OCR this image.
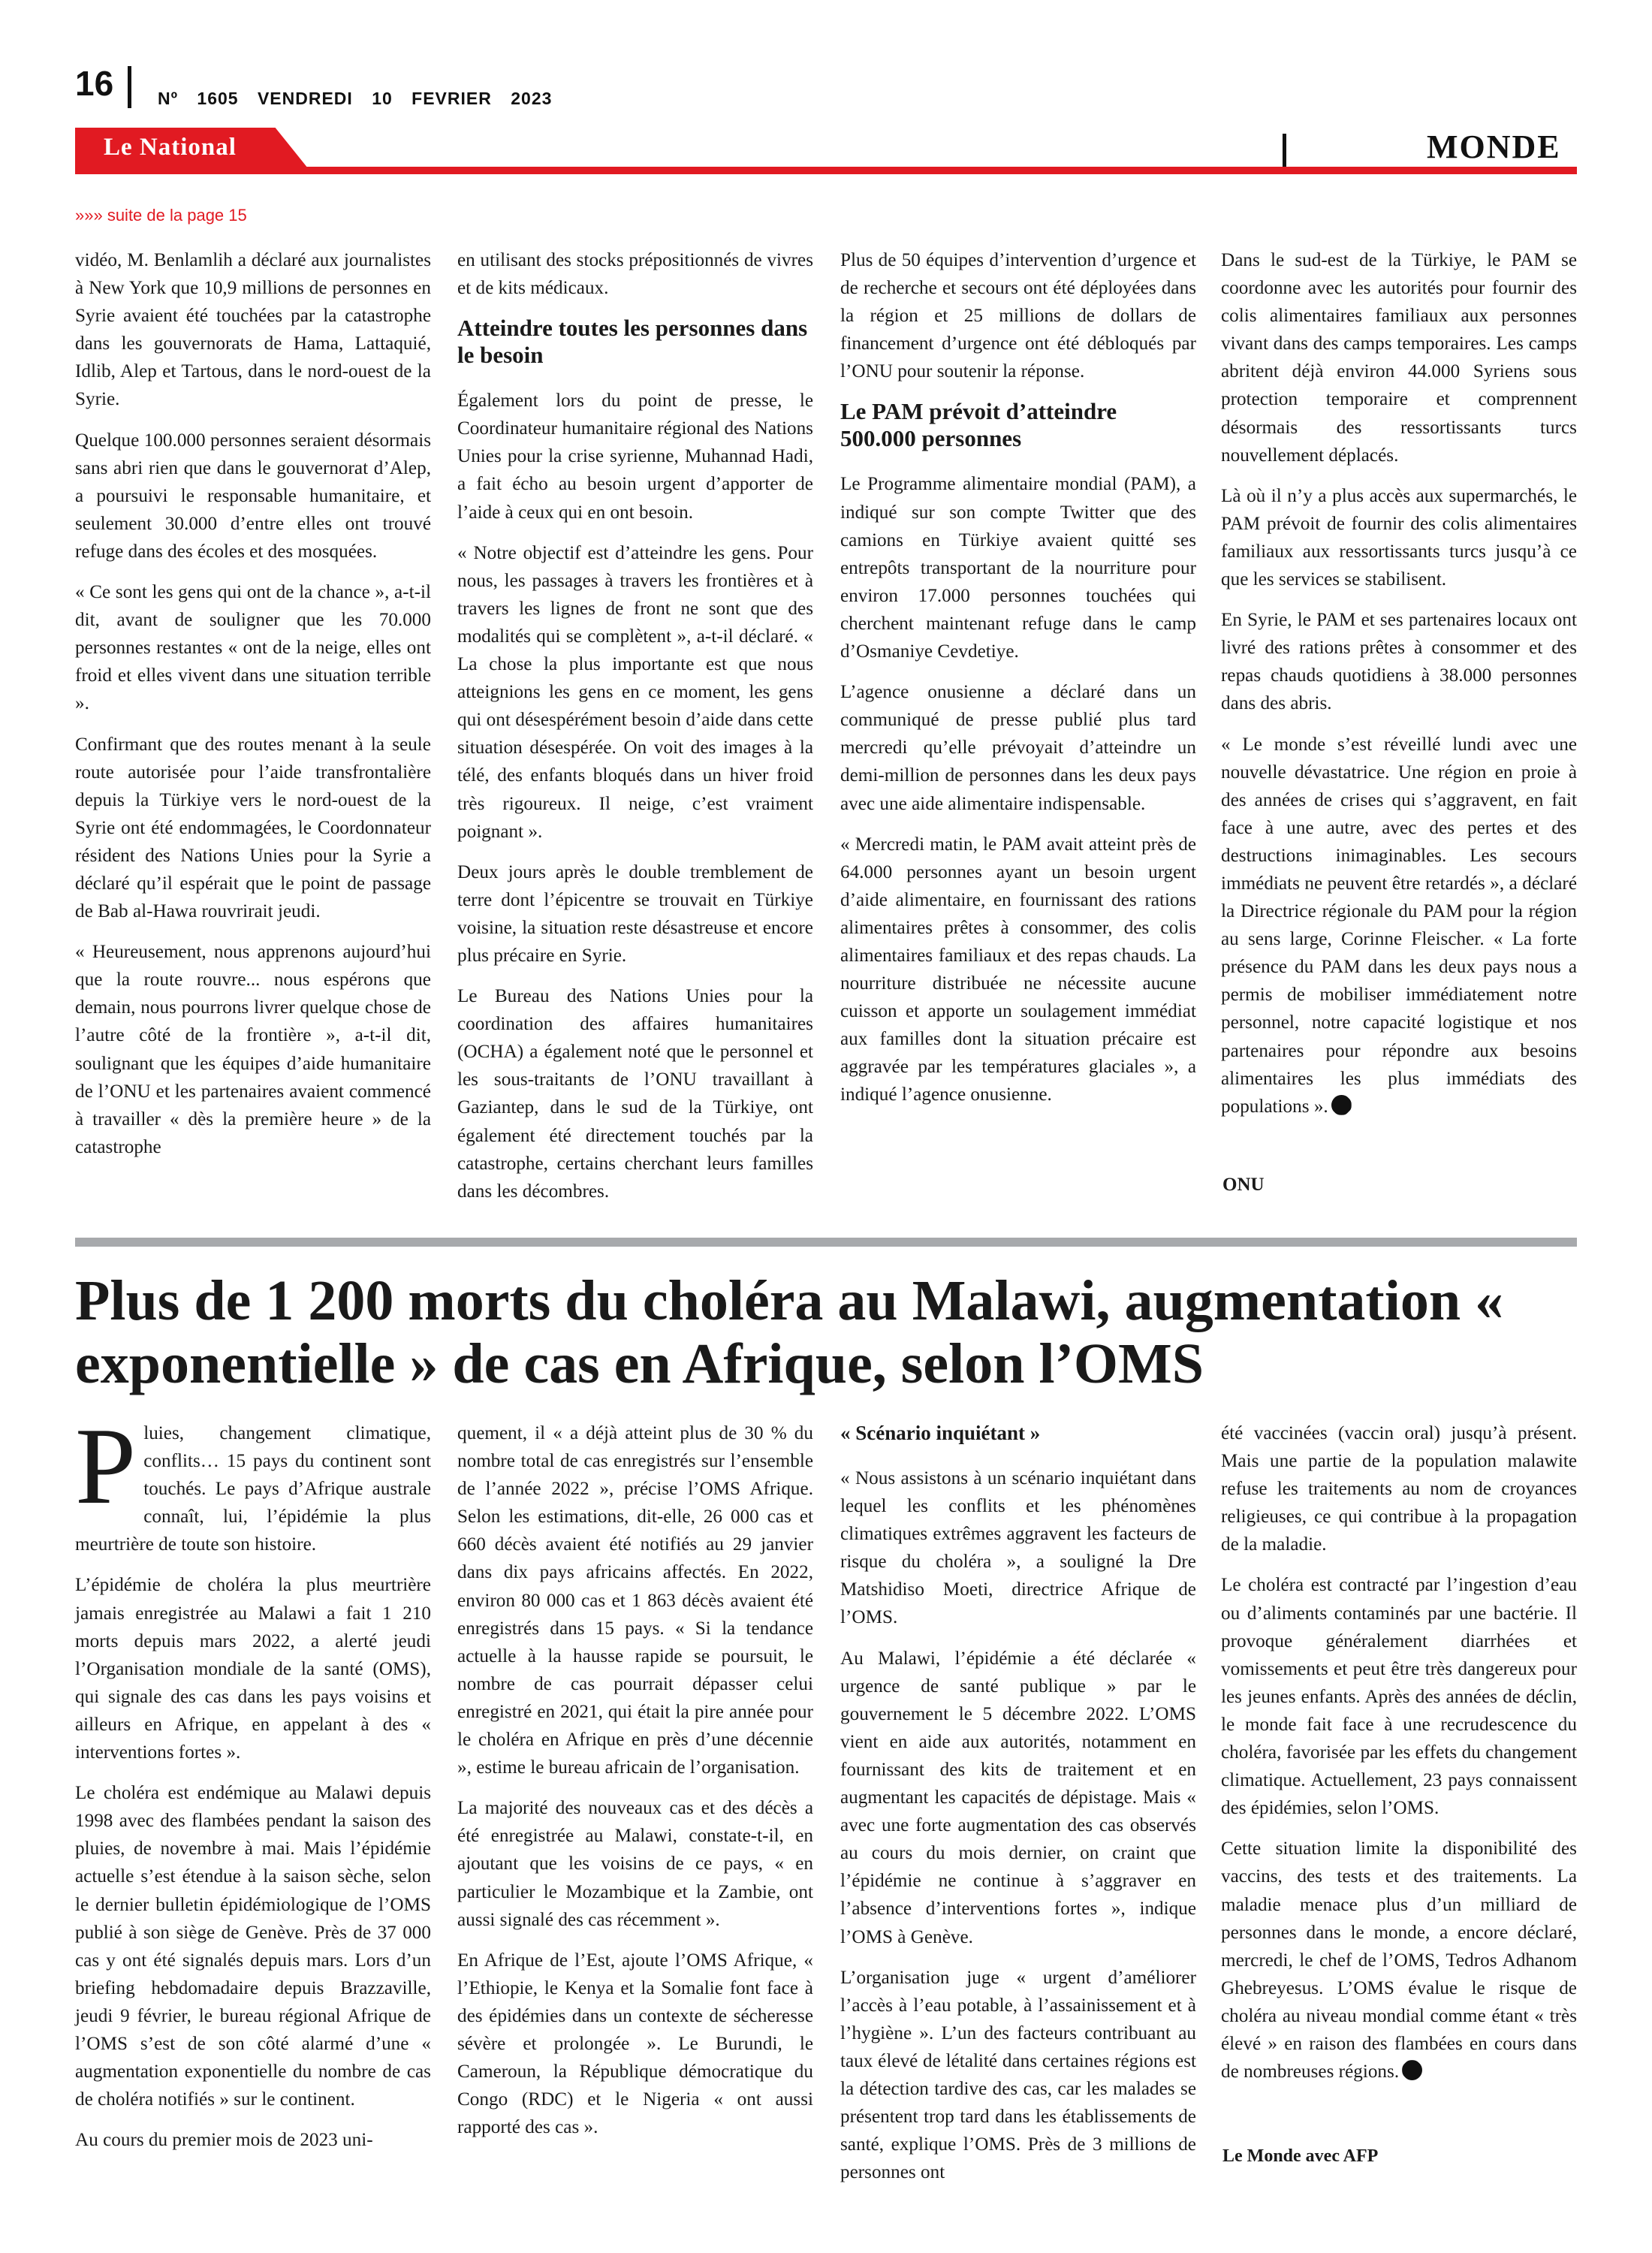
16	Nº 1605 VENDREDI 10 FEVRIER 2023
Le National	MONDE
»»» suite de la page 15

vidéo, M. Benlamlih a déclaré aux journalistes à New York que 10,9 millions de personnes en Syrie avaient été touchées par la catastrophe dans les gouvernorats de Hama, Lattaquié, Idlib, Alep et Tartous, dans le nord-ouest de la Syrie.

Quelque 100.000 personnes seraient désormais sans abri rien que dans le gouvernorat d’Alep, a poursuivi le responsable humanitaire, et seulement 30.000 d’entre elles ont trouvé refuge dans des écoles et des mosquées.

« Ce sont les gens qui ont de la chance », a-t-il dit, avant de souligner que les 70.000 personnes restantes « ont de la neige, elles ont froid et elles vivent dans une situation terrible ».

Confirmant que des routes menant à la seule route autorisée pour l’aide transfrontalière depuis la Türkiye vers le nord-ouest de la Syrie ont été endommagées, le Coordonnateur résident des Nations Unies pour la Syrie a déclaré qu’il espérait que le point de passage de Bab al-Hawa rouvrirait jeudi.

« Heureusement, nous apprenons aujourd’hui que la route rouvre... nous espérons que demain, nous pourrons livrer quelque chose de l’autre côté de la frontière », a-t-il dit, soulignant que les équipes d’aide humanitaire de l’ONU et les partenaires avaient commencé à travailler « dès la première heure » de la catastrophe

en utilisant des stocks prépositionnés de vivres et de kits médicaux.

Atteindre toutes les personnes dans le besoin

Également lors du point de presse, le Coordinateur humanitaire régional des Nations Unies pour la crise syrienne, Muhannad Hadi, a fait écho au besoin urgent d’apporter de l’aide à ceux qui en ont besoin.

« Notre objectif est d’atteindre les gens. Pour nous, les passages à travers les frontières et à travers les lignes de front ne sont que des modalités qui se complètent », a-t-il déclaré. « La chose la plus importante est que nous atteignions les gens en ce moment, les gens qui ont désespérément besoin d’aide dans cette situation désespérée. On voit des images à la télé, des enfants bloqués dans un hiver froid très rigoureux. Il neige, c’est vraiment poignant ».

Deux jours après le double tremblement de terre dont l’épicentre se trouvait en Türkiye voisine, la situation reste désastreuse et encore plus précaire en Syrie.

Le Bureau des Nations Unies pour la coordination des affaires humanitaires (OCHA) a également noté que le personnel et les sous-traitants de l’ONU travaillant à Gaziantep, dans le sud de la Türkiye, ont également été directement touchés par la catastrophe, certains cherchant leurs familles dans les décombres.

Plus de 50 équipes d’intervention d’urgence et de recherche et secours ont été déployées dans la région et 25 millions de dollars de financement d’urgence ont été débloqués par l’ONU pour soutenir la réponse.

Le PAM prévoit d’atteindre 500.000 personnes

Le Programme alimentaire mondial (PAM), a indiqué sur son compte Twitter que des camions en Türkiye avaient quitté ses entrepôts transportant de la nourriture pour environ 17.000 personnes touchées qui cherchent maintenant refuge dans le camp d’Osmaniye Cevdetiye.

L’agence onusienne a déclaré dans un communiqué de presse publié plus tard mercredi qu’elle prévoyait d’atteindre un demi-million de personnes dans les deux pays avec une aide alimentaire indispensable.

« Mercredi matin, le PAM avait atteint près de 64.000 personnes ayant un besoin urgent d’aide alimentaire, en fournissant des rations alimentaires prêtes à consommer, des colis alimentaires familiaux et des repas chauds. La nourriture distribuée ne nécessite aucune cuisson et apporte un soulagement immédiat aux familles dont la situation précaire est aggravée par les températures glaciales », a indiqué l’agence onusienne.

Dans le sud-est de la Türkiye, le PAM se coordonne avec les autorités pour fournir des colis alimentaires familiaux aux personnes vivant dans des camps temporaires. Les camps abritent déjà environ 44.000 Syriens sous protection temporaire et comprennent désormais des ressortissants turcs nouvellement déplacés.

Là où il n’y a plus accès aux supermarchés, le PAM prévoit de fournir des colis alimentaires familiaux aux ressortissants turcs jusqu’à ce que les services se stabilisent.

En Syrie, le PAM et ses partenaires locaux ont livré des rations prêtes à consommer et des repas chauds quotidiens à 38.000 personnes dans des abris.

« Le monde s’est réveillé lundi avec une nouvelle dévastatrice. Une région en proie à des années de crises qui s’aggravent, en fait face à une autre, avec des pertes et des destructions inimaginables. Les secours immédiats ne peuvent être retardés », a déclaré la Directrice régionale du PAM pour la région au sens large, Corinne Fleischer. « La forte présence du PAM dans les deux pays nous a permis de mobiliser immédiatement notre personnel, notre capacité logistique et nos partenaires pour répondre aux besoins alimentaires les plus immédiats des populations ».

ONU
Plus de 1 200 morts du choléra au Malawi, augmentation « exponentielle » de cas en Afrique, selon l’OMS

Pluies, changement climatique, conflits… 15 pays du continent sont touchés. Le pays d’Afrique australe connaît, lui, l’épidémie la plus meurtrière de toute son histoire.

L’épidémie de choléra la plus meurtrière jamais enregistrée au Malawi a fait 1 210 morts depuis mars 2022, a alerté jeudi l’Organisation mondiale de la santé (OMS), qui signale des cas dans les pays voisins et ailleurs en Afrique, en appelant à des « interventions fortes ».

Le choléra est endémique au Malawi depuis 1998 avec des flambées pendant la saison des pluies, de novembre à mai. Mais l’épidémie actuelle s’est étendue à la saison sèche, selon le dernier bulletin épidémiologique de l’OMS publié à son siège de Genève. Près de 37 000 cas y ont été signalés depuis mars. Lors d’un briefing hebdomadaire depuis Brazzaville, jeudi 9 février, le bureau régional Afrique de l’OMS s’est de son côté alarmé d’une « augmentation exponentielle du nombre de cas de choléra notifiés » sur le continent.

Au cours du premier mois de 2023 uni-

quement, il « a déjà atteint plus de 30 % du nombre total de cas enregistrés sur l’ensemble de l’année 2022 », précise l’OMS Afrique. Selon les estimations, dit-elle, 26 000 cas et 660 décès avaient été notifiés au 29 janvier dans dix pays africains affectés. En 2022, environ 80 000 cas et 1 863 décès avaient été enregistrés dans 15 pays. « Si la tendance actuelle à la hausse rapide se poursuit, le nombre de cas pourrait dépasser celui enregistré en 2021, qui était la pire année pour le choléra en Afrique en près d’une décennie », estime le bureau africain de l’organisation.

La majorité des nouveaux cas et des décès a été enregistrée au Malawi, constate-t-il, en ajoutant que les voisins de ce pays, « en particulier le Mozambique et la Zambie, ont aussi signalé des cas récemment ».

En Afrique de l’Est, ajoute l’OMS Afrique, « l’Ethiopie, le Kenya et la Somalie font face à des épidémies dans un contexte de sécheresse sévère et prolongée ». Le Burundi, le Cameroun, la République démocratique du Congo (RDC) et le Nigeria « ont aussi rapporté des cas ».

« Scénario inquiétant »

« Nous assistons à un scénario inquiétant dans lequel les conflits et les phénomènes climatiques extrêmes aggravent les facteurs de risque du choléra », a souligné la Dre Matshidiso Moeti, directrice Afrique de l’OMS.

Au Malawi, l’épidémie a été déclarée « urgence de santé publique » par le gouvernement le 5 décembre 2022. L’OMS vient en aide aux autorités, notamment en fournissant des kits de traitement et en augmentant les capacités de dépistage. Mais « avec une forte augmentation des cas observés au cours du mois dernier, on craint que l’épidémie ne continue à s’aggraver en l’absence d’interventions fortes », indique l’OMS à Genève.

L’organisation juge « urgent d’améliorer l’accès à l’eau potable, à l’assainissement et à l’hygiène ». L’un des facteurs contribuant au taux élevé de létalité dans certaines régions est la détection tardive des cas, car les malades se présentent trop tard dans les établissements de santé, explique l’OMS. Près de 3 millions de personnes ont

été vaccinées (vaccin oral) jusqu’à présent. Mais une partie de la population malawite refuse les traitements au nom de croyances religieuses, ce qui contribue à la propagation de la maladie.

Le choléra est contracté par l’ingestion d’eau ou d’aliments contaminés par une bactérie. Il provoque généralement diarrhées et vomissements et peut être très dangereux pour les jeunes enfants. Après des années de déclin, le monde fait face à une recrudescence du choléra, favorisée par les effets du changement climatique. Actuellement, 23 pays connaissent des épidémies, selon l’OMS.

Cette situation limite la disponibilité des vaccins, des tests et des traitements. La maladie menace plus d’un milliard de personnes dans le monde, a encore déclaré, mercredi, le chef de l’OMS, Tedros Adhanom Ghebreyesus. L’OMS évalue le risque de choléra au niveau mondial comme étant « très élevé » en raison des flambées en cours dans de nombreuses régions.

Le Monde avec AFP
